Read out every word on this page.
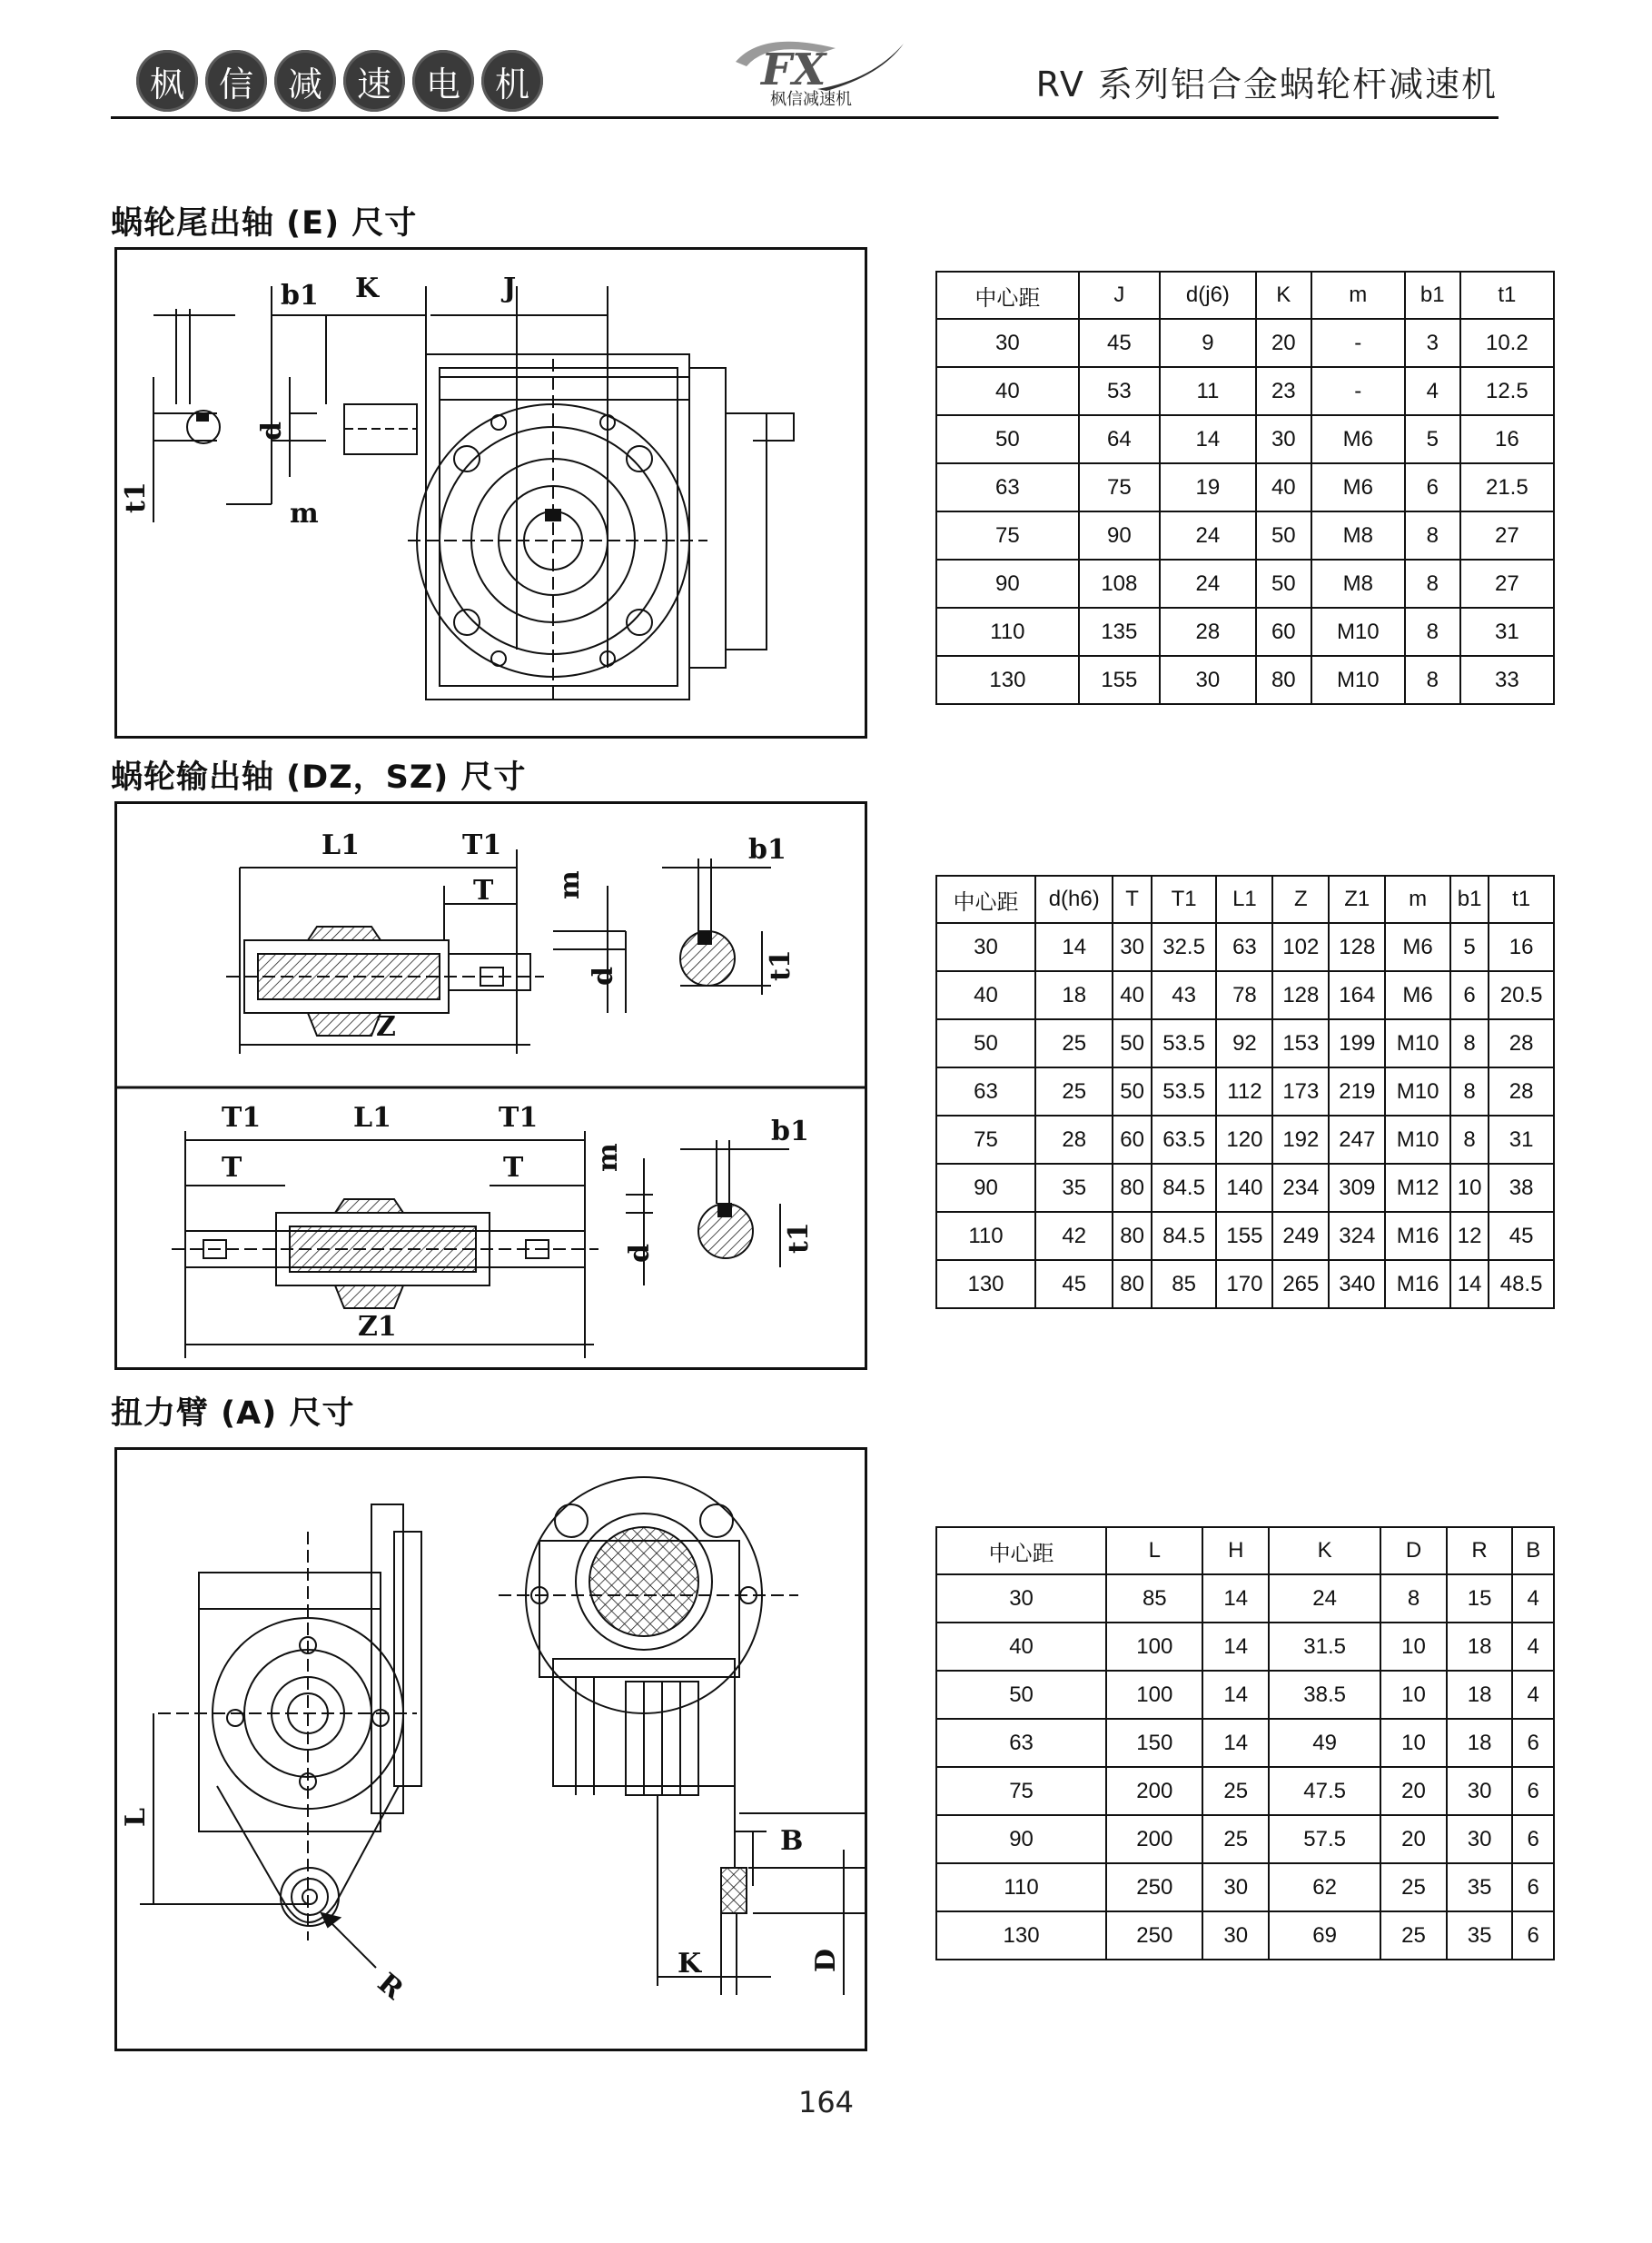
枫 信 减 速 电 机	FX
枫信减速机	RV 系列铝合金蜗轮杆减速机
蜗轮尾出轴 (E) 尺寸
b1 K	J
d
t1
m
中心距	J	d(j6)	K	m	b1	t1
30	45	9	20	-	3	10.2
40	53	11	23	-	4	12.5
50	64	14	30	M6	5	16
63	75	19	40	M6	6	21.5
75	90	24	50	M8	8	27
90	108	24	50	M8	8	27
110	135	28	60	M10	8	31
130	155	30	80	M10	8	33
蜗轮输出轴 (DZ，SZ) 尺寸
L1	T1
T m
d
Z
b1
t1
T1	L1	T1
T	T	m
d
Z1
b1
t1
中心距	d(h6)	T	T1	L1	Z	Z1	m	b1	t1
30	14	30	32.5	63	102	128	M6	5	16
40	18	40	43	78	128	164	M6	6	20.5
50	25	50	53.5	92	153	199	M10	8	28
63	25	50	53.5	112	173	219	M10	8	28
75	28	60	63.5	120	192	247	M10	8	31
90	35	80	84.5	140	234	309	M12	10	38
110	42	80	84.5	155	249	324	M16	12	45
130	45	80	85	170	265	340	M16	14	48.5
扭力臂 (A) 尺寸
L
R
B
K	D
中心距	L	H	K	D	R	B
30	85	14	24	8	15	4
40	100	14	31.5	10	18	4
50	100	14	38.5	10	18	4
63	150	14	49	10	18	6
75	200	25	47.5	20	30	6
90	200	25	57.5	20	30	6
110	250	30	62	25	35	6
130	250	30	69	25	35	6
164
